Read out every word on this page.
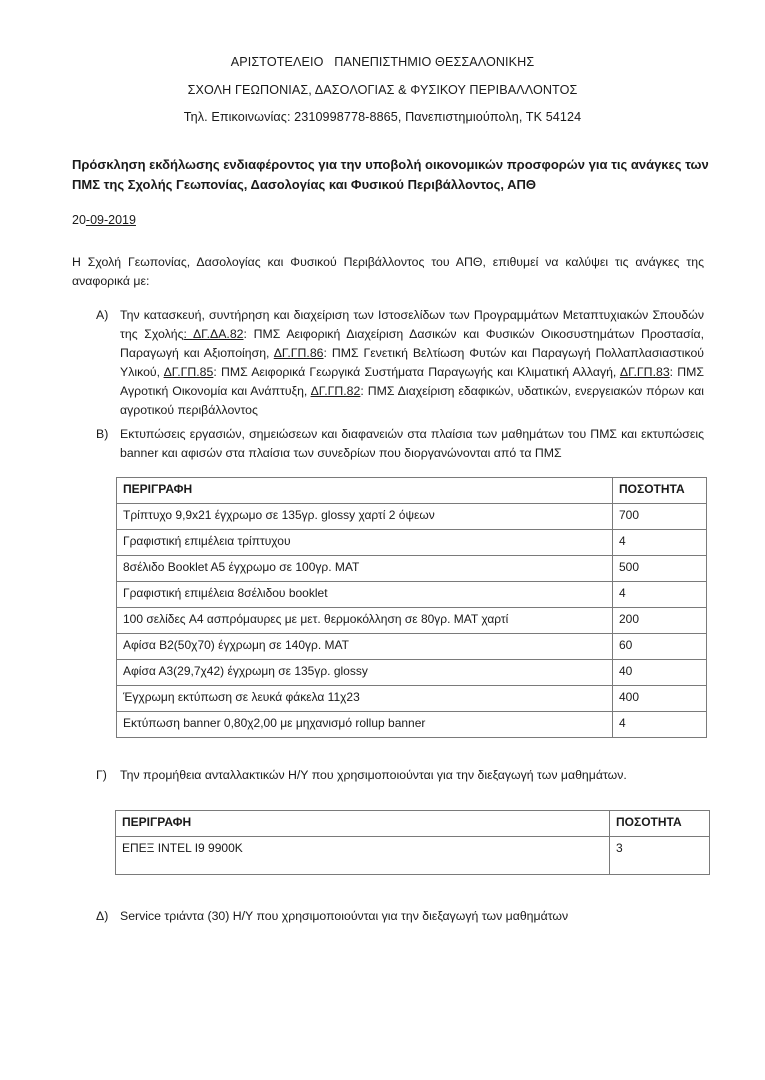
ΑΡΙΣΤΟΤΕΛΕΙΟ   ΠΑΝΕΠΙΣΤΗΜΙΟ ΘΕΣΣΑΛΟΝΙΚΗΣ
ΣΧΟΛΗ ΓΕΩΠΟΝΙΑΣ, ΔΑΣΟΛΟΓΙΑΣ & ΦΥΣΙΚΟΥ ΠΕΡΙΒΑΛΛΟΝΤΟΣ
Τηλ. Επικοινωνίας: 2310998778-8865, Πανεπιστημιούπολη, ΤΚ 54124
Πρόσκληση εκδήλωσης ενδιαφέροντος για την υποβολή οικονομικών προσφορών για τις ανάγκες των ΠΜΣ της Σχολής Γεωπονίας, Δασολογίας και Φυσικού Περιβάλλοντος, ΑΠΘ
20-09-2019
Η Σχολή Γεωπονίας, Δασολογίας και Φυσικού Περιβάλλοντος του ΑΠΘ, επιθυμεί να καλύψει τις ανάγκες της αναφορικά με:
Α) Την κατασκευή, συντήρηση και διαχείριση των Ιστοσελίδων των Προγραμμάτων Μεταπτυχιακών Σπουδών της Σχολής: ΔΓ.ΔΑ.82: ΠΜΣ Αειφορική Διαχείριση Δασικών και Φυσικών Οικοσυστημάτων Προστασία, Παραγωγή και Αξιοποίηση, ΔΓ.ΓΠ.86: ΠΜΣ Γενετική Βελτίωση Φυτών και Παραγωγή Πολλαπλασιαστικού Υλικού, ΔΓ.ΓΠ.85: ΠΜΣ Αειφορικά Γεωργικά Συστήματα Παραγωγής και Κλιματική Αλλαγή, ΔΓ.ΓΠ.83: ΠΜΣ Αγροτική Οικονομία και Ανάπτυξη, ΔΓ.ΓΠ.82: ΠΜΣ Διαχείριση εδαφικών, υδατικών, ενεργειακών πόρων και αγροτικού περιβάλλοντος
Β) Εκτυπώσεις εργασιών, σημειώσεων και διαφανειών στα πλαίσια των μαθημάτων του ΠΜΣ και εκτυπώσεις banner και αφισών στα πλαίσια των συνεδρίων που διοργανώνονται από τα ΠΜΣ
ΠΕΡΙΓΡΑΦΗ	ΠΟΣΟΤΗΤΑ
Τρίπτυχο 9,9x21 έγχρωμο σε 135γρ. glossy χαρτί 2 όψεων	700
Γραφιστική επιμέλεια τρίπτυχου	4
8σέλιδο Booklet A5 έγχρωμο σε 100γρ. MAT	500
Γραφιστική επιμέλεια 8σέλιδου booklet	4
100 σελίδες A4 ασπρόμαυρες με μετ. θερμοκόλληση σε 80γρ. MAT χαρτί	200
Αφίσα Β2(50χ70) έγχρωμη σε 140γρ. MAT	60
Αφίσα Α3(29,7χ42) έγχρωμη σε 135γρ. glossy	40
Έγχρωμη εκτύπωση σε λευκά φάκελα 11χ23	400
Εκτύπωση banner 0,80χ2,00 με μηχανισμό rollup banner	4
Γ)	Την προμήθεια ανταλλακτικών Η/Υ που χρησιμοποιούνται για την διεξαγωγή των μαθημάτων.
ΠΕΡΙΓΡΑΦΗ	ΠΟΣΟΤΗΤΑ
ΕΠΕΞ INTEL I9 9900K	3
Δ) Service τριάντα (30) Η/Υ που χρησιμοποιούνται για την διεξαγωγή των μαθημάτων
